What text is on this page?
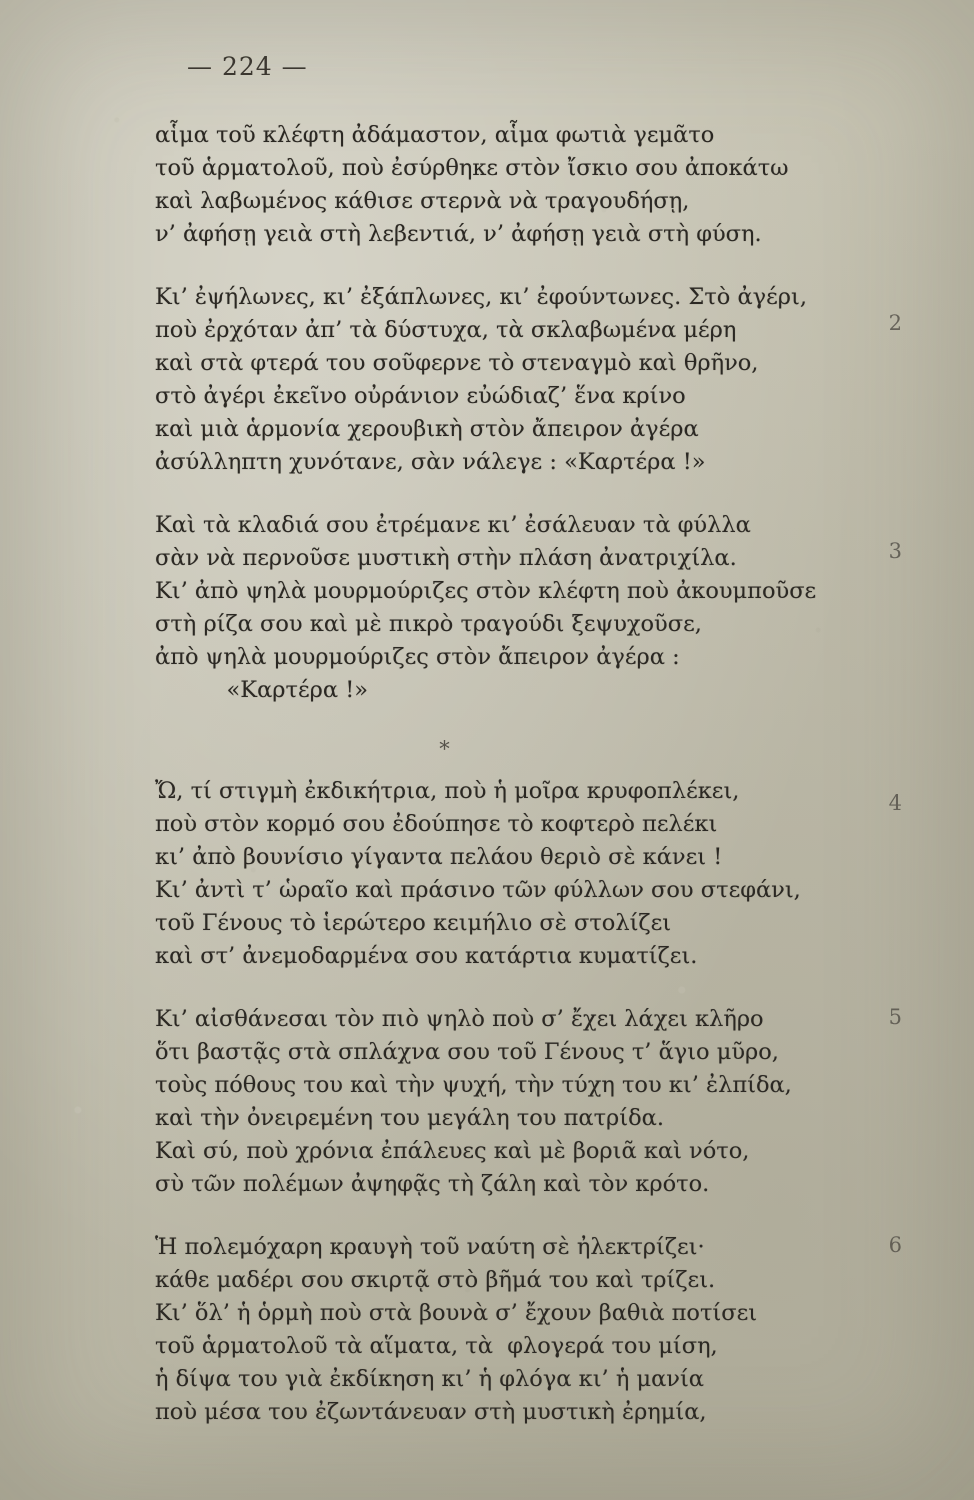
— 224 —
αἷμα τοῦ κλέφτη ἀδάμαστον, αἷμα φωτιὰ γεμᾶτο
τοῦ ἁρματολοῦ, ποὺ ἐσύρθηκε στὸν ἴσκιο σου ἀποκάτω
καὶ λαβωμένος κάθισε στερνὰ νὰ τραγουδήσῃ,
ν’ ἀφήσῃ γειὰ στὴ λεβεντιά, ν’ ἀφήσῃ γειὰ στὴ φύση.
2
Κι’ ἐψήλωνες, κι’ ἐξάπλωνες, κι’ ἐφούντωνες. Στὸ ἀγέρι,
ποὺ ἐρχόταν ἀπ’ τὰ δύστυχα, τὰ σκλαβωμένα μέρη
καὶ στὰ φτερά του σοῦφερνε τὸ στεναγμὸ καὶ θρῆνο,
στὸ ἀγέρι ἐκεῖνο οὐράνιον εὐώδιαζ’ ἕνα κρίνο
καὶ μιὰ ἁρμονία χερουβικὴ στὸν ἄπειρον ἀγέρα
ἀσύλληπτη χυνότανε, σὰν νάλεγε : «Καρτέρα !»
3
Καὶ τὰ κλαδιά σου ἐτρέμανε κι’ ἐσάλευαν τὰ φύλλα
σὰν νὰ περνοῦσε μυστικὴ στὴν πλάση ἀνατριχίλα.
Κι’ ἀπὸ ψηλὰ μουρμούριζες στὸν κλέφτη ποὺ ἀκουμποῦσε
στὴ ρίζα σου καὶ μὲ πικρὸ τραγούδι ξεψυχοῦσε,
ἀπὸ ψηλὰ μουρμούριζες στὸν ἄπειρον ἀγέρα :
«Καρτέρα !»
*
4
Ὤ, τί στιγμὴ ἐκδικήτρια, ποὺ ἡ μοῖρα κρυφοπλέκει,
ποὺ στὸν κορμό σου ἐδούπησε τὸ κοφτερὸ πελέκι
κι’ ἀπὸ βουνίσιο γίγαντα πελάου θεριὸ σὲ κάνει !
Κι’ ἀντὶ τ’ ὡραῖο καὶ πράσινο τῶν φύλλων σου στεφάνι,
τοῦ Γένους τὸ ἱερώτερο κειμήλιο σὲ στολίζει
καὶ στ’ ἀνεμοδαρμένα σου κατάρτια κυματίζει.
5
Κι’ αἰσθάνεσαι τὸν πιὸ ψηλὸ ποὺ σ’ ἔχει λάχει κλῆρο
ὅτι βαστᾷς στὰ σπλάχνα σου τοῦ Γένους τ’ ἅγιο μῦρο,
τοὺς πόθους του καὶ τὴν ψυχή, τὴν τύχη του κι’ ἐλπίδα,
καὶ τὴν ὀνειρεμένη του μεγάλη του πατρίδα.
Καὶ σύ, ποὺ χρόνια ἐπάλευες καὶ μὲ βοριᾶ καὶ νότο,
σὺ τῶν πολέμων ἀψηφᾷς τὴ ζάλη καὶ τὸν κρότο.
6
Ἡ πολεμόχαρη κραυγὴ τοῦ ναύτη σὲ ἠλεκτρίζει·
κάθε μαδέρι σου σκιρτᾷ στὸ βῆμά του καὶ τρίζει.
Κι’ ὅλ’ ἡ ὁρμὴ ποὺ στὰ βουνὰ σ’ ἔχουν βαθιὰ ποτίσει
τοῦ ἁρματολοῦ τὰ αἵματα, τὰ  φλογερά του μίση,
ἡ δίψα του γιὰ ἐκδίκηση κι’ ἡ φλόγα κι’ ἡ μανία
ποὺ μέσα του ἐζωντάνευαν στὴ μυστικὴ ἐρημία,
